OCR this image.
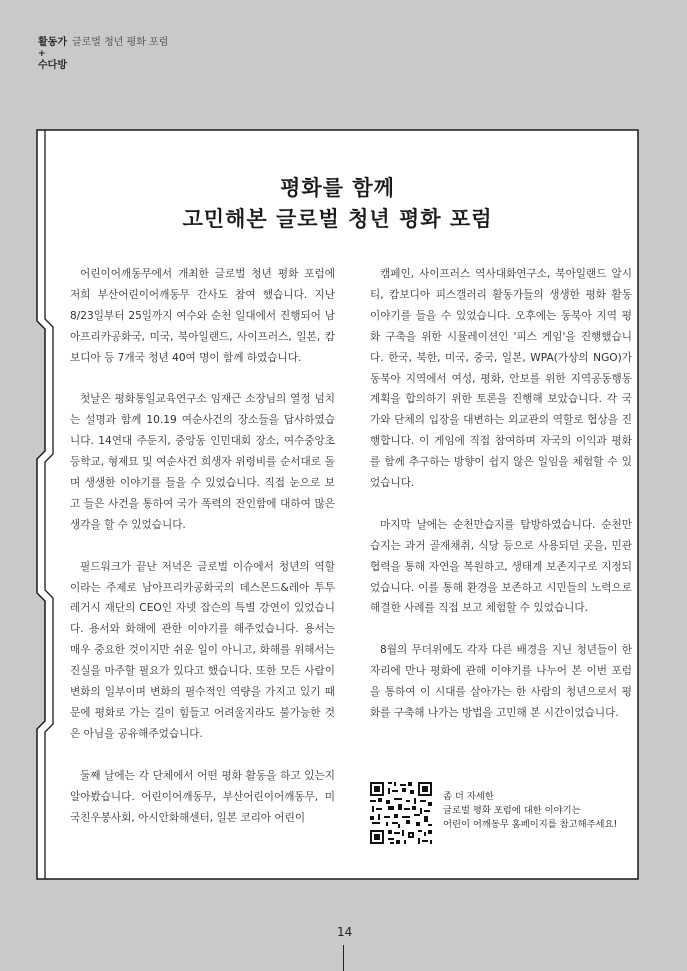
활동가 글로벌 청년 평화 포럼
+
수다방
평화를 함께
고민해본 글로벌 청년 평화 포럼

어린이어깨동무에서 개최한 글로벌 청년 평화 포럼에 저희 부산어린이어깨동무 간사도 참여 했습니다. 지난 8/23일부터 25일까지 여수와 순천 일대에서 진행되어 남아프리카공화국, 미국, 북아일랜드, 사이프러스, 일본, 캄보디아 등 7개국 청년 40여 명이 함께 하였습니다.

첫날은 평화통일교육연구소 임재근 소장님의 열정 넘치는 설명과 함께 10.19 여순사건의 장소들을 답사하였습니다. 14연대 주둔지, 중앙동 인민대회 장소, 여수중앙초등학교, 형제묘 및 여순사건 희생자 위령비를 순서대로 돌며 생생한 이야기를 들을 수 있었습니다. 직접 눈으로 보고 들은 사건을 통하여 국가 폭력의 잔인함에 대하여 많은 생각을 할 수 있었습니다.

필드워크가 끝난 저녁은 글로벌 이슈에서 청년의 역할이라는 주제로 남아프리카공화국의 데스몬드&레아 투투 레거시 재단의 CEO인 자넷 잡슨의 특별 강연이 있었습니다. 용서와 화해에 관한 이야기를 해주었습니다. 용서는 매우 중요한 것이지만 쉬운 일이 아니고, 화해를 위해서는 진실을 마주할 필요가 있다고 했습니다. 또한 모든 사람이 변화의 일부이며 변화의 필수적인 역량을 가지고 있기 때문에 평화로 가는 길이 힘들고 어려울지라도 불가능한 것은 아님을 공유해주었습니다.

둘째 날에는 각 단체에서 어떤 평화 활동을 하고 있는지 알아봤습니다. 어린이어깨동무, 부산어린이어깨동무, 미국친우봉사회, 아시안화해센터, 일본 코리아 어린이

캠페인, 사이프러스 역사대화연구소, 북아일랜드 알시티, 캄보디아 피스갤러리 활동가들의 생생한 평화 활동 이야기를 들을 수 있었습니다. 오후에는 동북아 지역 평화 구축을 위한 시뮬레이션인 '피스 게임'을 진행했습니다. 한국, 북한, 미국, 중국, 일본, WPA(가상의 NGO)가 동북아 지역에서 여성, 평화, 안보를 위한 지역공동행동계획을 합의하기 위한 토론을 진행해 보았습니다. 각 국가와 단체의 입장을 대변하는 외교관의 역할로 협상을 진행합니다. 이 게임에 직접 참여하며 자국의 이익과 평화를 함께 추구하는 방향이 쉽지 않은 일임을 체험할 수 있었습니다.

마지막 날에는 순천만습지를 탐방하였습니다. 순천만 습지는 과거 골재채취, 식당 등으로 사용되던 곳을, 민관협력을 통해 자연을 복원하고, 생태계 보존지구로 지정되었습니다. 이를 통해 환경을 보존하고 시민들의 노력으로 해결한 사례를 직접 보고 체험할 수 있었습니다.

8월의 무더위에도 각자 다른 배경을 지닌 청년들이 한자리에 만나 평화에 관해 이야기를 나누어 본 이번 포럼을 통하여 이 시대를 살아가는 한 사람의 청년으로서 평화를 구축해 나가는 방법을 고민해 본 시간이었습니다.

좀 더 자세한
글로벌 평화 포럼에 대한 이야기는
어린이 어깨동무 홈페이지를 참고해주세요!
14
